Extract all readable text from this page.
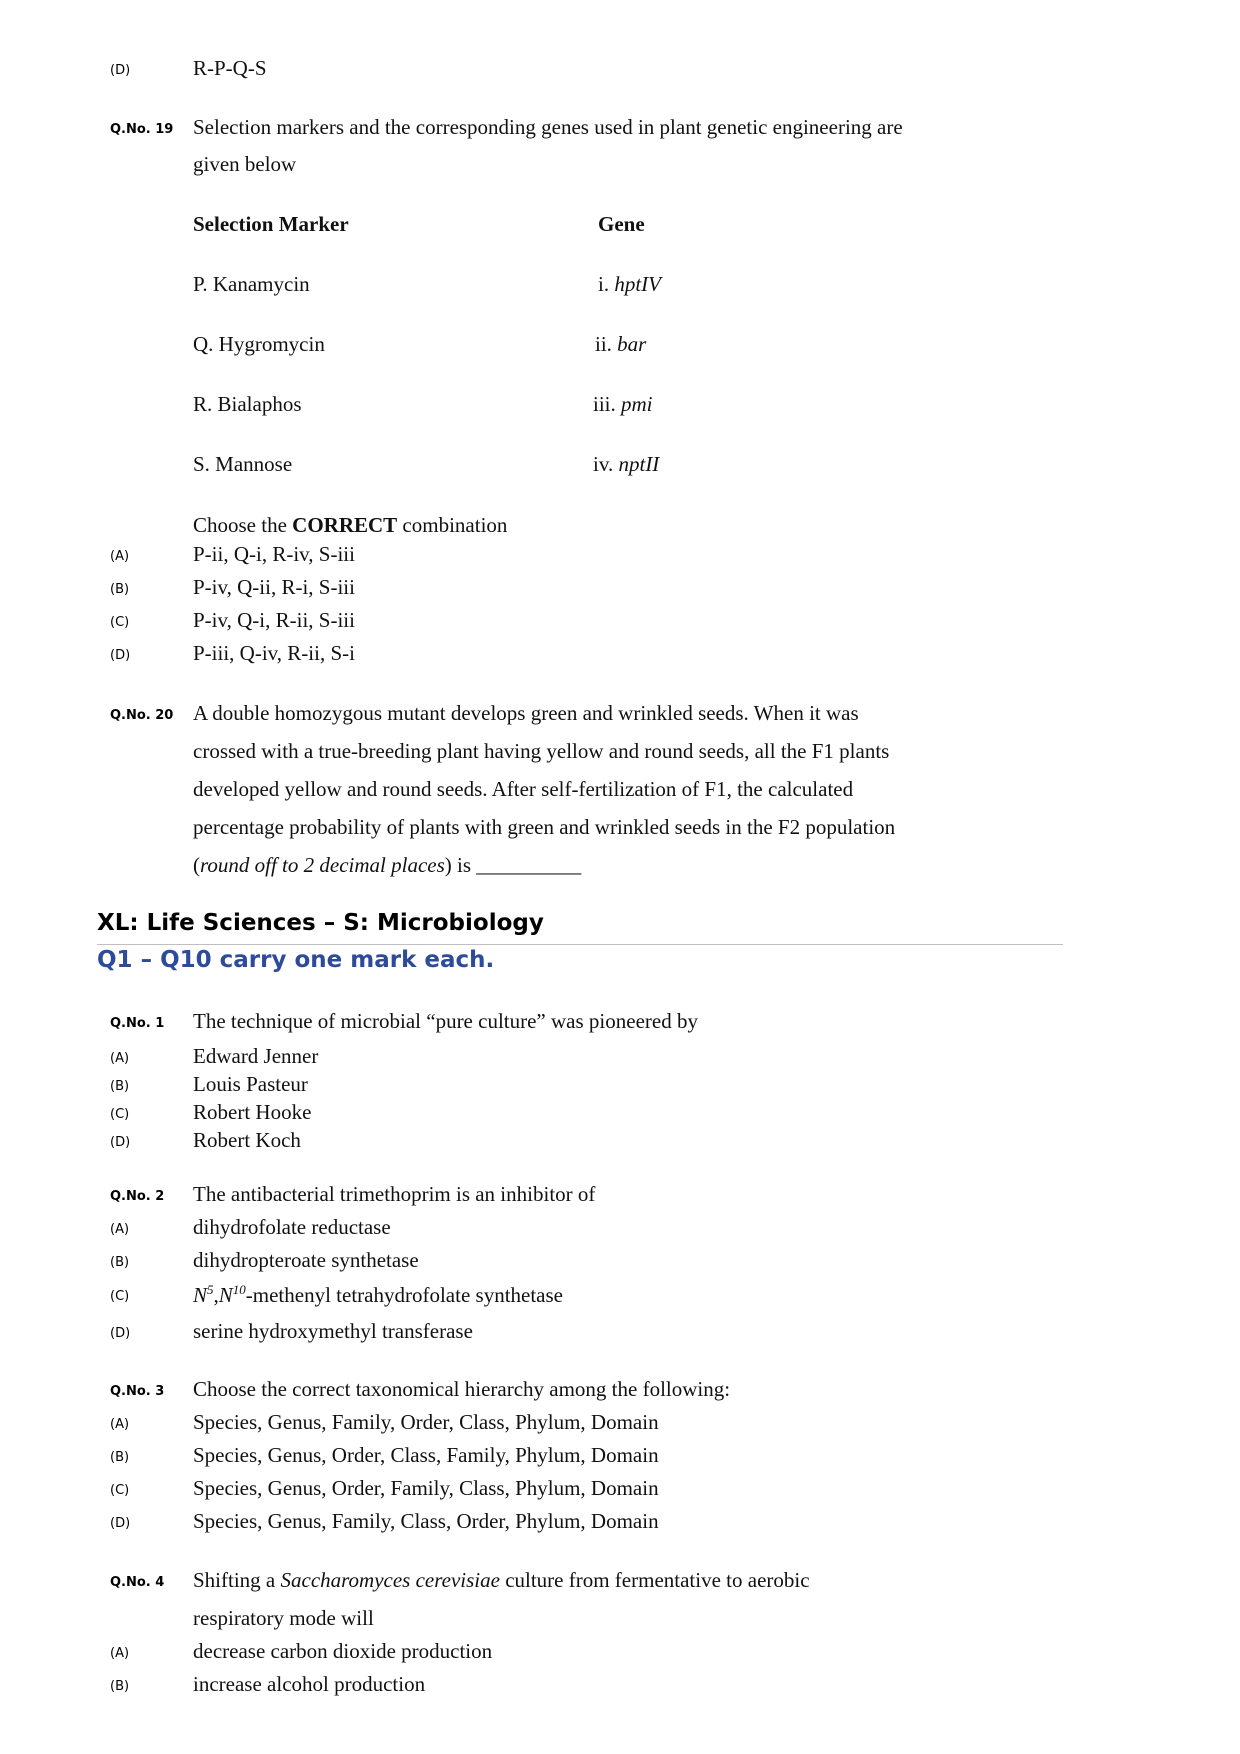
(D)	R-P-Q-S
Q.No. 19 Selection markers and the corresponding genes used in plant genetic engineering are
given below
Selection Marker	Gene
P. Kanamycin	i. hptIV
Q. Hygromycin	ii. bar
R. Bialaphos	iii. pmi
S. Mannose	iv. nptII
Choose the CORRECT combination
(A)	P-ii, Q-i, R-iv, S-iii
(B)	P-iv, Q-ii, R-i, S-iii
(C)	P-iv, Q-i, R-ii, S-iii
(D)	P-iii, Q-iv, R-ii, S-i
Q.No. 20 A double homozygous mutant develops green and wrinkled seeds. When it was
crossed with a true-breeding plant having yellow and round seeds, all the F1 plants
developed yellow and round seeds. After self-fertilization of F1, the calculated
percentage probability of plants with green and wrinkled seeds in the F2 population
(round off to 2 decimal places) is __________
XL: Life Sciences – S: Microbiology
Q1 – Q10 carry one mark each.
Q.No. 1 The technique of microbial “pure culture” was pioneered by
(A)	Edward Jenner
(B)	Louis Pasteur
(C)	Robert Hooke
(D)	Robert Koch
Q.No. 2 The antibacterial trimethoprim is an inhibitor of
(A)	dihydrofolate reductase
(B)	dihydropteroate synthetase
(C)	$N^5,N^{10}$-methenyl tetrahydrofolate synthetase
(D)	serine hydroxymethyl transferase
Q.No. 3 Choose the correct taxonomical hierarchy among the following:
(A)	Species, Genus, Family, Order, Class, Phylum, Domain
(B)	Species, Genus, Order, Class, Family, Phylum, Domain
(C)	Species, Genus, Order, Family, Class, Phylum, Domain
(D)	Species, Genus, Family, Class, Order, Phylum, Domain
Q.No. 4 Shifting a Saccharomyces cerevisiae culture from fermentative to aerobic
respiratory mode will
(A)	decrease carbon dioxide production
(B)	increase alcohol production
